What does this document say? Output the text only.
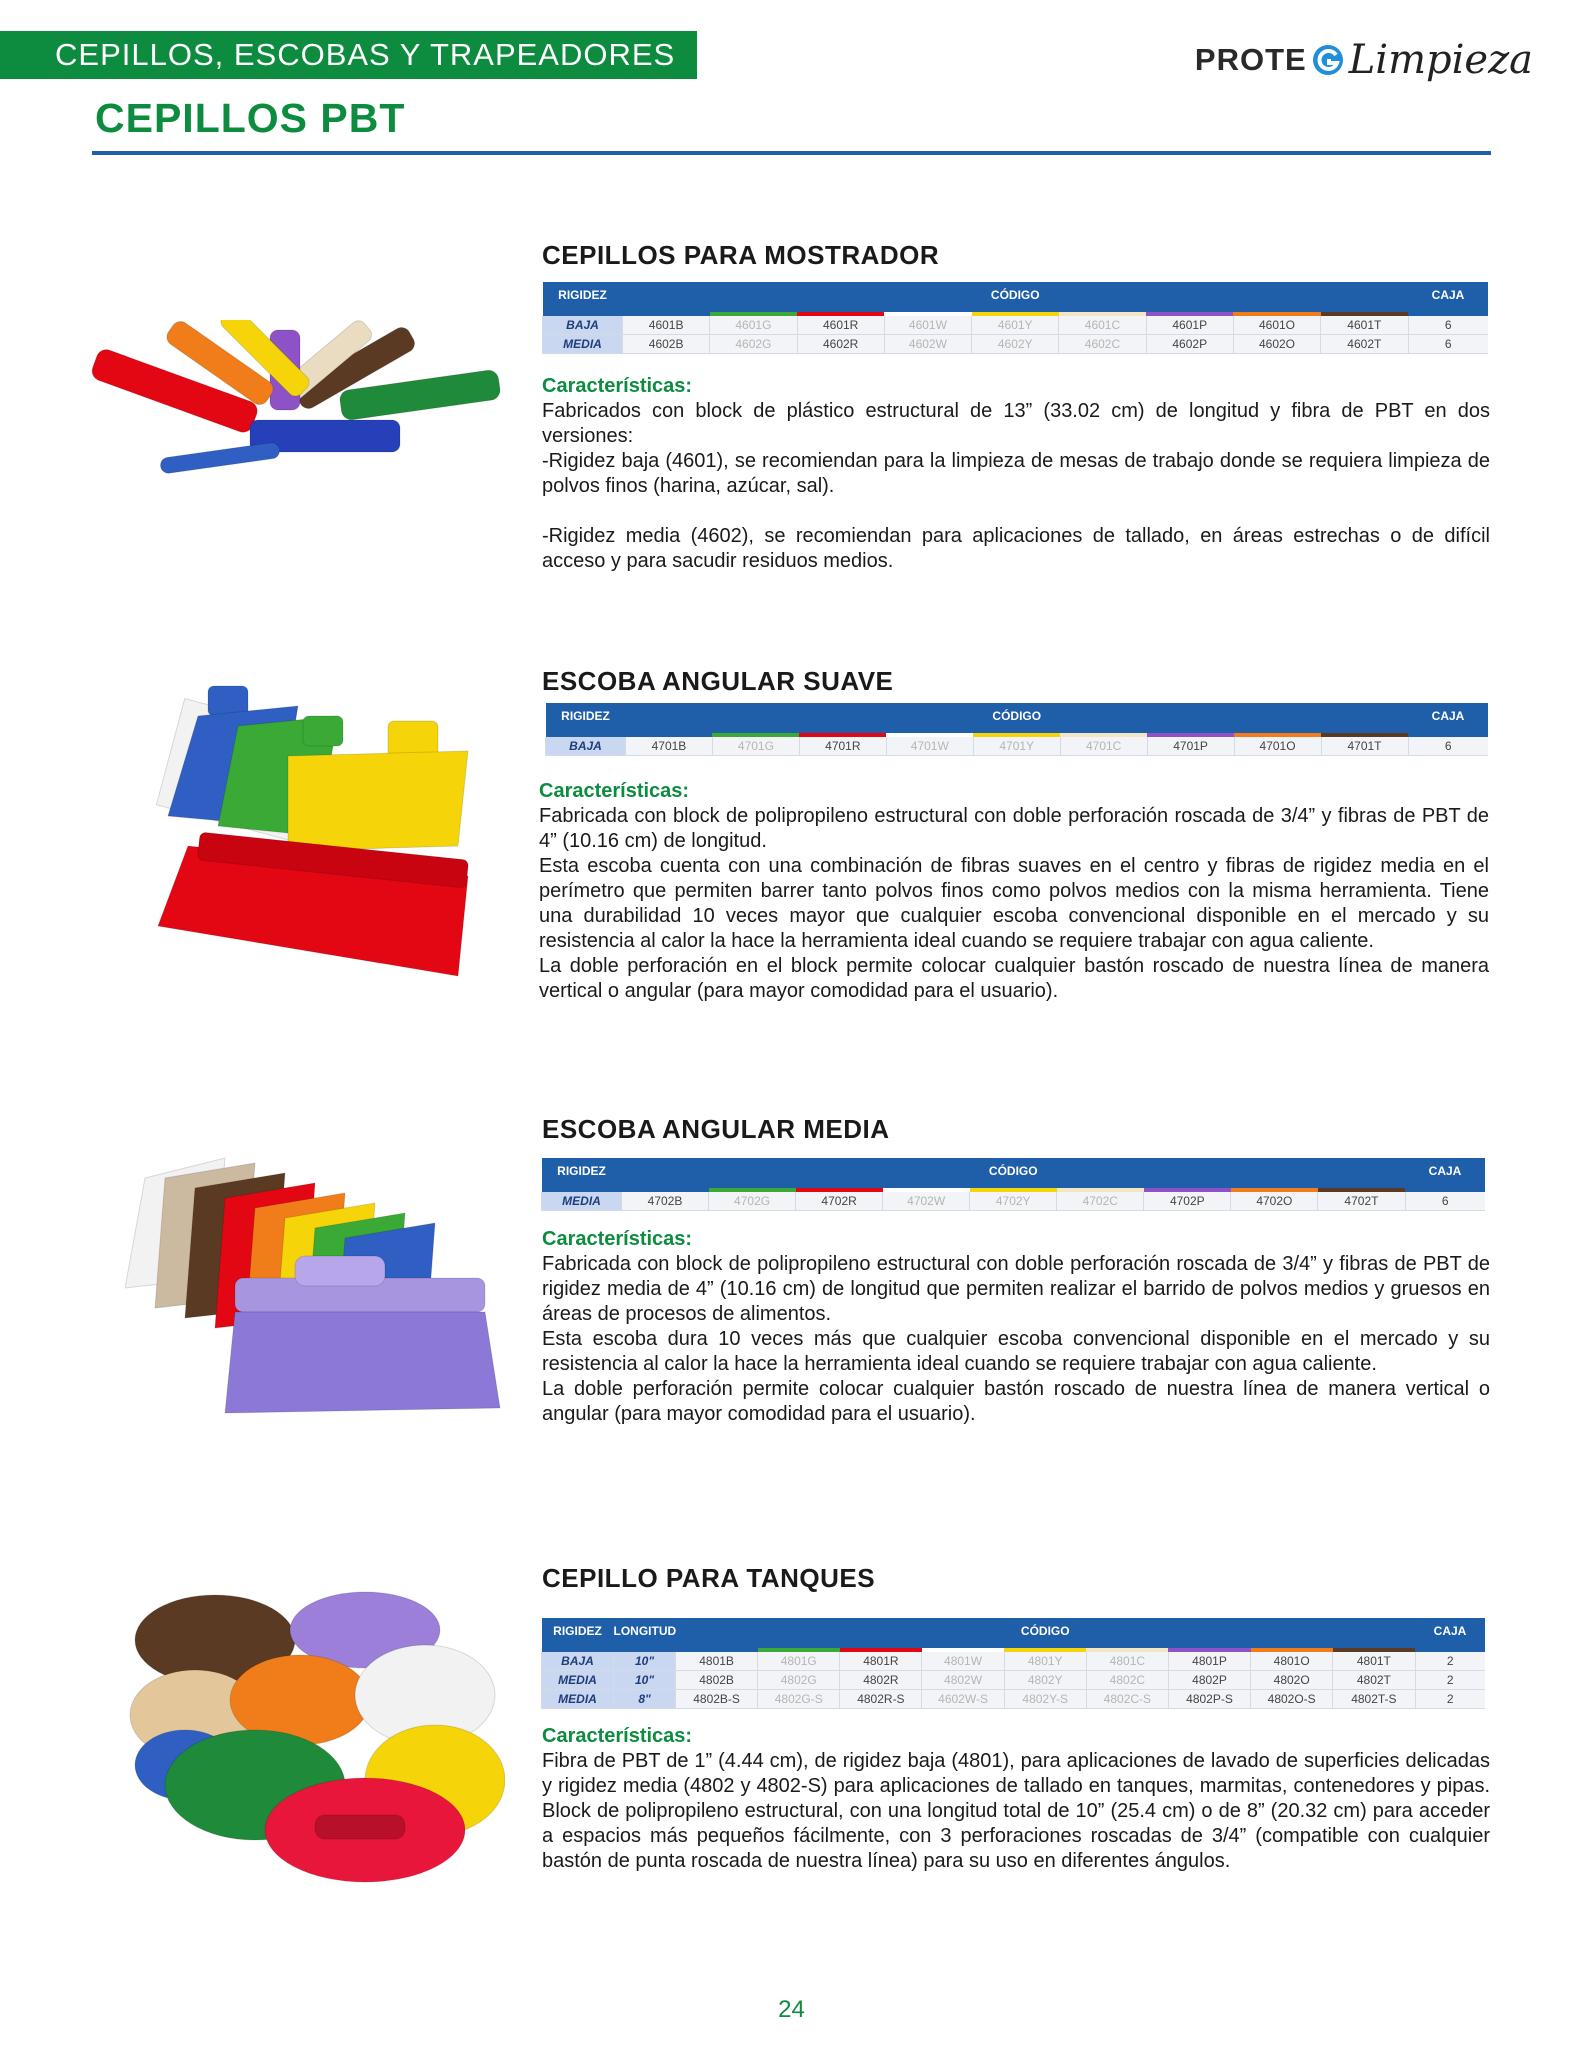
CEPILLOS, ESCOBAS Y TRAPEADORES	PROTE Limpieza
CEPILLOS PBT
CEPILLOS PARA MOSTRADOR
RIGIDEZ	CÓDIGO									CAJA

BAJA	4601B	4601G	4601R	4601W	4601Y	4601C	4601P	4601O	4601T	6
MEDIA	4602B	4602G	4602R	4602W	4602Y	4602C	4602P	4602O	4602T	6
Características:

Fabricados con block de plástico estructural de 13” (33.02 cm) de longitud y fibra de PBT en dos versiones:

-Rigidez baja (4601), se recomiendan para la limpieza de mesas de trabajo donde se requiera limpieza de polvos finos (harina, azúcar, sal).

-Rigidez media (4602), se recomiendan para aplicaciones de tallado, en áreas estrechas o de difícil acceso y para sacudir residuos medios.

ESCOBA ANGULAR SUAVE
RIGIDEZ	CÓDIGO									CAJA

BAJA	4701B	4701G	4701R	4701W	4701Y	4701C	4701P	4701O	4701T	6
Características:

Fabricada con block de polipropileno estructural con doble perforación roscada de 3/4” y fibras de PBT de 4” (10.16 cm) de longitud.

Esta escoba cuenta con una combinación de fibras suaves en el centro y fibras de rigidez media en el perímetro que permiten barrer tanto polvos finos como polvos medios con la misma herramienta. Tiene una durabilidad 10 veces mayor que cualquier escoba convencional disponible en el mercado y su resistencia al calor la hace la herramienta ideal cuando se requiere trabajar con agua caliente.

La doble perforación en el block permite colocar cualquier bastón roscado de nuestra línea de manera vertical o angular (para mayor comodidad para el usuario).

ESCOBA ANGULAR MEDIA
RIGIDEZ	CÓDIGO									CAJA

MEDIA	4702B	4702G	4702R	4702W	4702Y	4702C	4702P	4702O	4702T	6
Características:

Fabricada con block de polipropileno estructural con doble perforación roscada de 3/4” y fibras de PBT de rigidez media de 4” (10.16 cm) de longitud que permiten realizar el barrido de polvos medios y gruesos en áreas de procesos de alimentos.

Esta escoba dura 10 veces más que cualquier escoba convencional disponible en el mercado y su resistencia al calor la hace la herramienta ideal cuando se requiere trabajar con agua caliente.

La doble perforación permite colocar cualquier bastón roscado de nuestra línea de manera vertical o angular (para mayor comodidad para el usuario).

CEPILLO PARA TANQUES
RIGIDEZ	LONGITUD	CÓDIGO									CAJA

BAJA	10"	4801B	4801G	4801R	4801W	4801Y	4801C	4801P	4801O	4801T	2
MEDIA	10"	4802B	4802G	4802R	4802W	4802Y	4802C	4802P	4802O	4802T	2
MEDIA	8"	4802B-S	4802G-S	4802R-S	4602W-S	4802Y-S	4802C-S	4802P-S	4802O-S	4802T-S	2
Características:

Fibra de PBT de 1” (4.44 cm), de rigidez baja (4801), para aplicaciones de lavado de superficies delicadas y rigidez media (4802 y 4802-S) para aplicaciones de tallado en tanques, marmitas, contenedores y pipas. Block de polipropileno estructural, con una longitud total de 10” (25.4 cm) o de 8” (20.32 cm) para acceder a espacios más pequeños fácilmente, con 3 perforaciones roscadas de 3/4” (compatible con cualquier bastón de punta roscada de nuestra línea) para su uso en diferentes ángulos.

24
